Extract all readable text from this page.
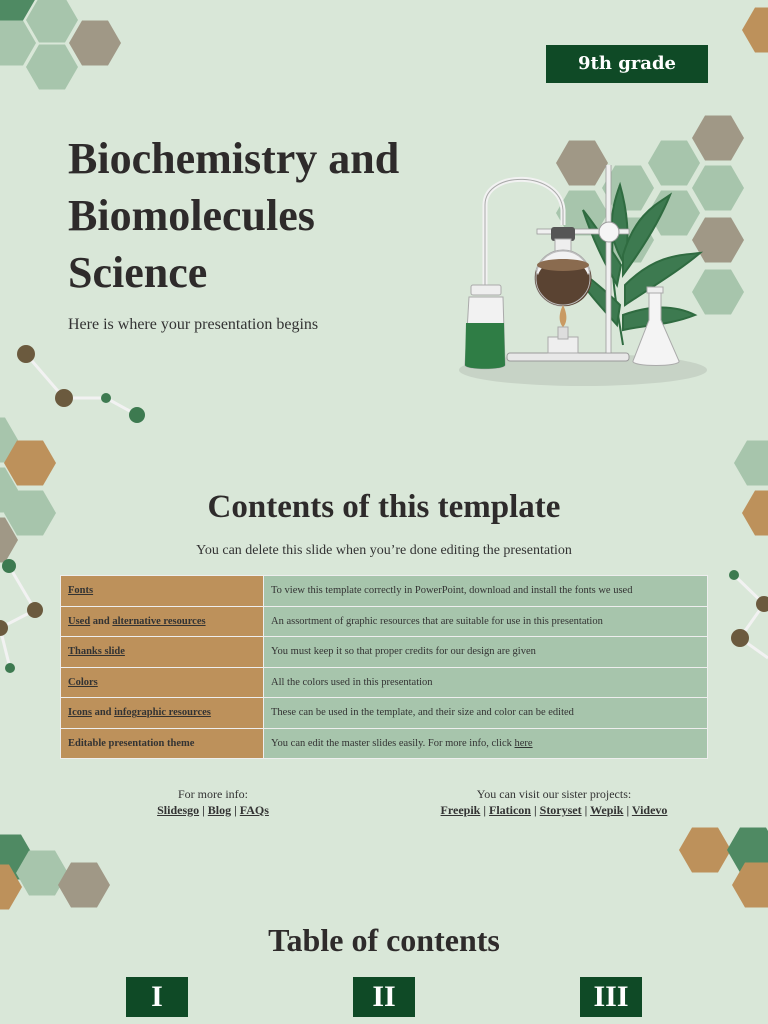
9th grade
Biochemistry and
Biomolecules
Science
Here is where your presentation begins
Contents of this template
You can delete this slide when you’re done editing the presentation
Fonts	To view this template correctly in PowerPoint, download and install the fonts we used
Used and alternative resources	An assortment of graphic resources that are suitable for use in this presentation
Thanks slide	You must keep it so that proper credits for our design are given
Colors	All the colors used in this presentation
Icons and infographic resources	These can be used in the template, and their size and color can be edited
Editable presentation theme	You can edit the master slides easily. For more info, click here
For more info:
Slidesgo | Blog | FAQs
You can visit our sister projects:
Freepik | Flaticon | Storyset | Wepik | Videvo
Table of contents
I	II	III
